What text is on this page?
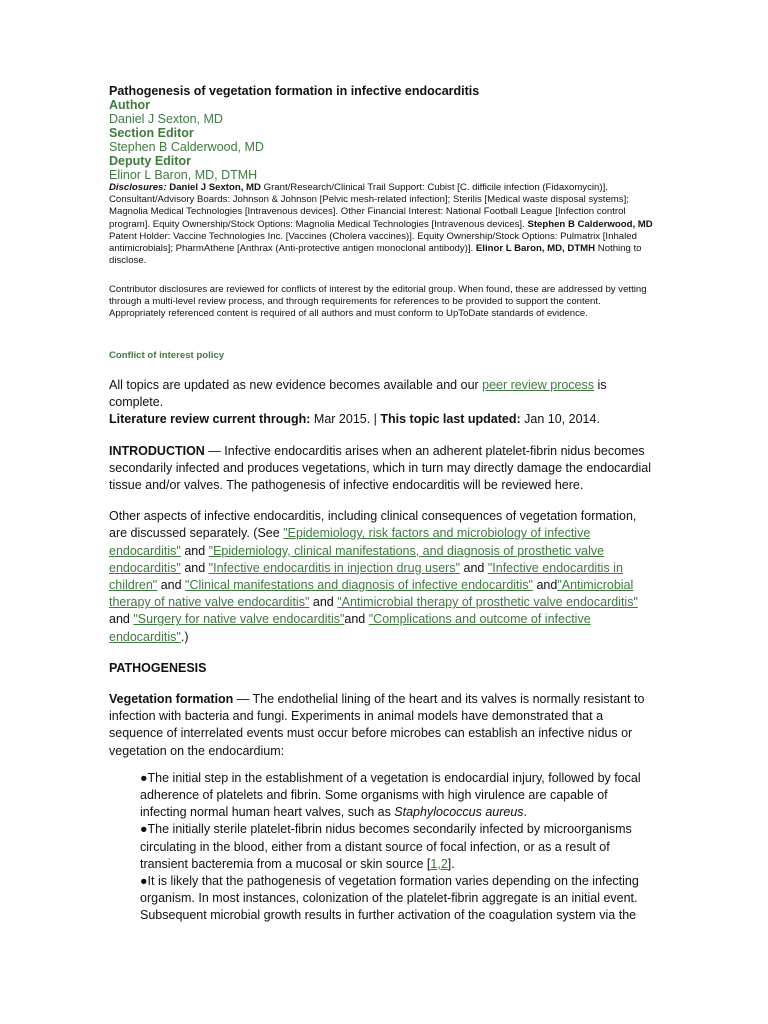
Pathogenesis of vegetation formation in infective endocarditis

Author
Daniel J Sexton, MD
Section Editor
Stephen B Calderwood, MD
Deputy Editor
Elinor L Baron, MD, DTMH
Disclosures: Daniel J Sexton, MD Grant/Research/Clinical Trail Support: Cubist [C. difficile infection (Fidaxomycin)]. Consultant/Advisory Boards: Johnson & Johnson [Pelvic mesh-related infection]; Sterilis [Medical waste disposal systems]; Magnolia Medical Technologies [Intravenous devices]. Other Financial Interest: National Football League [Infection control program]. Equity Ownership/Stock Options: Magnolia Medical Technologies [Intravenous devices]. Stephen B Calderwood, MD Patent Holder: Vaccine Technologies Inc. [Vaccines (Cholera vaccines)]. Equity Ownership/Stock Options: Pulmatrix [Inhaled antimicrobials]; PharmAthene [Anthrax (Anti-protective antigen monoclonal antibody)]. Elinor L Baron, MD, DTMH Nothing to disclose.

Contributor disclosures are reviewed for conflicts of interest by the editorial group. When found, these are addressed by vetting through a multi-level review process, and through requirements for references to be provided to support the content. Appropriately referenced content is required of all authors and must conform to UpToDate standards of evidence.

Conflict of interest policy

All topics are updated as new evidence becomes available and our peer review process is complete.

Literature review current through: Mar 2015. | This topic last updated: Jan 10, 2014.

INTRODUCTION — Infective endocarditis arises when an adherent platelet-fibrin nidus becomes secondarily infected and produces vegetations, which in turn may directly damage the endocardial tissue and/or valves. The pathogenesis of infective endocarditis will be reviewed here.

Other aspects of infective endocarditis, including clinical consequences of vegetation formation, are discussed separately. (See "Epidemiology, risk factors and microbiology of infective endocarditis" and "Epidemiology, clinical manifestations, and diagnosis of prosthetic valve endocarditis" and "Infective endocarditis in injection drug users" and "Infective endocarditis in children" and "Clinical manifestations and diagnosis of infective endocarditis" and"Antimicrobial therapy of native valve endocarditis" and "Antimicrobial therapy of prosthetic valve endocarditis" and "Surgery for native valve endocarditis"and "Complications and outcome of infective endocarditis".)

PATHOGENESIS

Vegetation formation — The endothelial lining of the heart and its valves is normally resistant to infection with bacteria and fungi. Experiments in animal models have demonstrated that a sequence of interrelated events must occur before microbes can establish an infective nidus or vegetation on the endocardium:

●The initial step in the establishment of a vegetation is endocardial injury, followed by focal adherence of platelets and fibrin. Some organisms with high virulence are capable of infecting normal human heart valves, such as Staphylococcus aureus.

●The initially sterile platelet-fibrin nidus becomes secondarily infected by microorganisms circulating in the blood, either from a distant source of focal infection, or as a result of transient bacteremia from a mucosal or skin source [1,2].

●It is likely that the pathogenesis of vegetation formation varies depending on the infecting organism. In most instances, colonization of the platelet-fibrin aggregate is an initial event. Subsequent microbial growth results in further activation of the coagulation system via the
